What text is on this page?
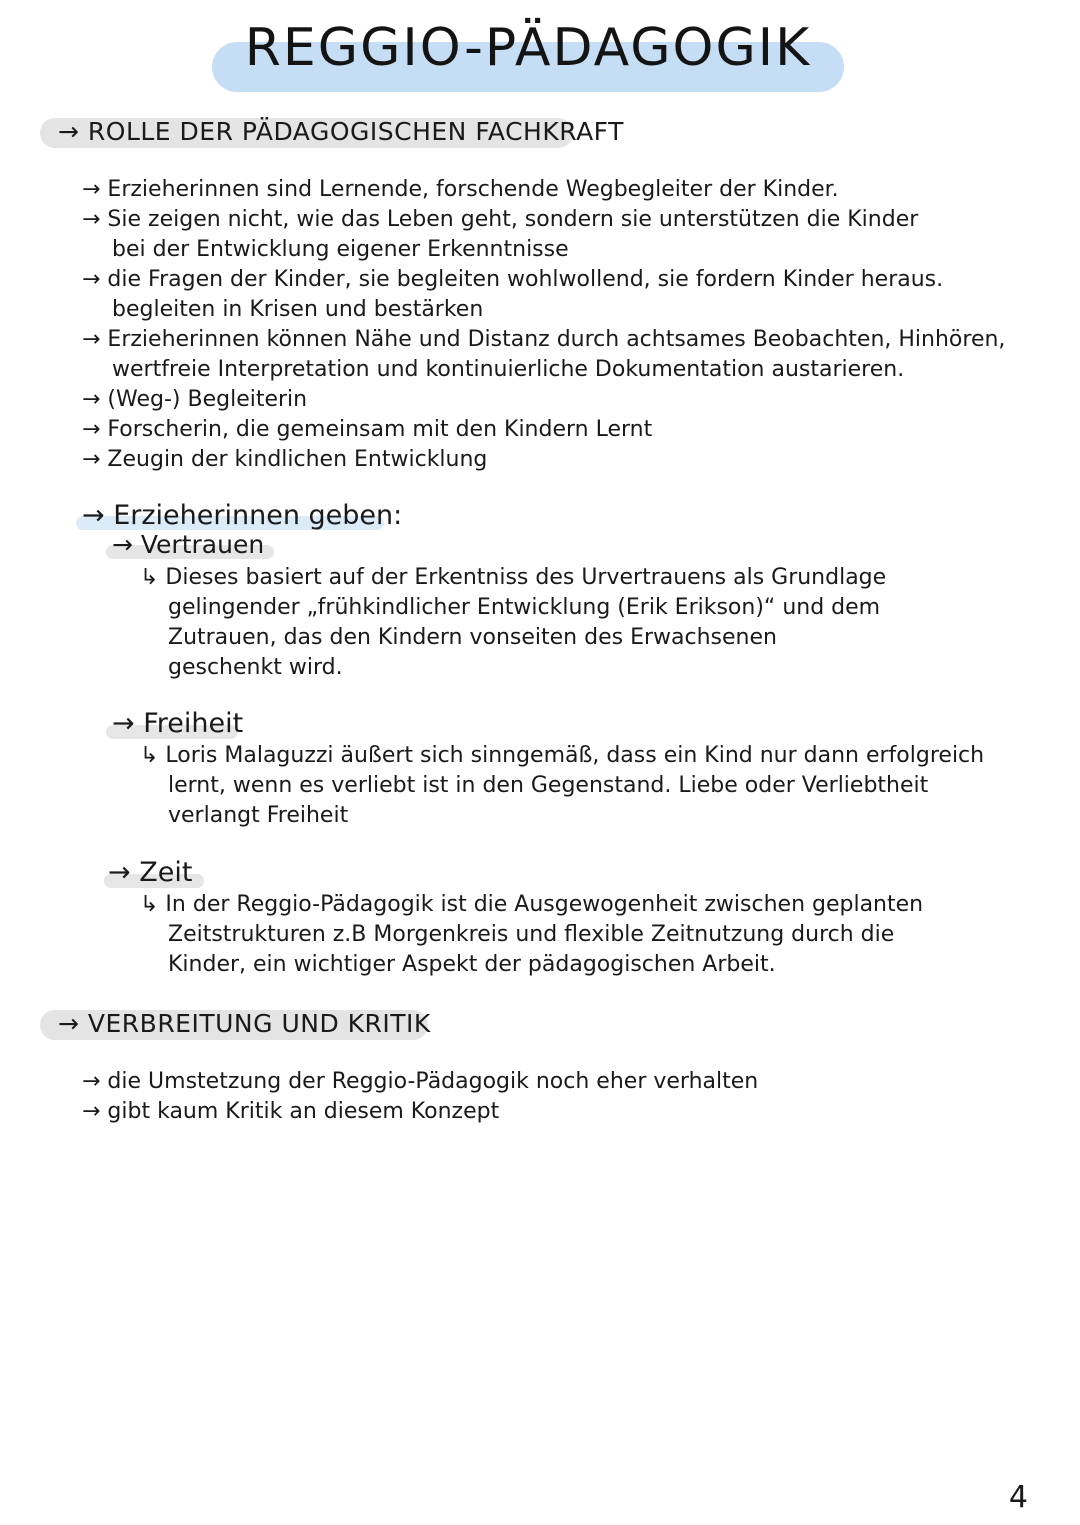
REGGIO-PÄDAGOGIK
→ ROLLE DER PÄDAGOGISCHEN FACHKRAFT
→ Erzieherinnen sind Lernende, forschende Wegbegleiter der Kinder.
→ Sie zeigen nicht, wie das Leben geht, sondern sie unterstützen die Kinder
bei der Entwicklung eigener Erkenntnisse
→ die Fragen der Kinder, sie begleiten wohlwollend, sie fordern Kinder heraus.
begleiten in Krisen und bestärken
→ Erzieherinnen können Nähe und Distanz durch achtsames Beobachten, Hinhören,
wertfreie Interpretation und kontinuierliche Dokumentation austarieren.
→ (Weg-) Begleiterin
→ Forscherin, die gemeinsam mit den Kindern Lernt
→ Zeugin der kindlichen Entwicklung
→ Erzieherinnen geben:
→ Vertrauen
↳ Dieses basiert auf der Erkentniss des Urvertrauens als Grundlage
gelingender „frühkindlicher Entwicklung (Erik Erikson)“ und dem
Zutrauen, das den Kindern vonseiten des Erwachsenen
geschenkt wird.
→ Freiheit
↳ Loris Malaguzzi äußert sich sinngemäß, dass ein Kind nur dann erfolgreich
lernt, wenn es verliebt ist in den Gegenstand. Liebe oder Verliebtheit
verlangt Freiheit
→ Zeit
↳ In der Reggio-Pädagogik ist die Ausgewogenheit zwischen geplanten
Zeitstrukturen z.B Morgenkreis und flexible Zeitnutzung durch die
Kinder, ein wichtiger Aspekt der pädagogischen Arbeit.
→ VERBREITUNG UND KRITIK
→ die Umstetzung der Reggio-Pädagogik noch eher verhalten
→ gibt kaum Kritik an diesem Konzept
4
